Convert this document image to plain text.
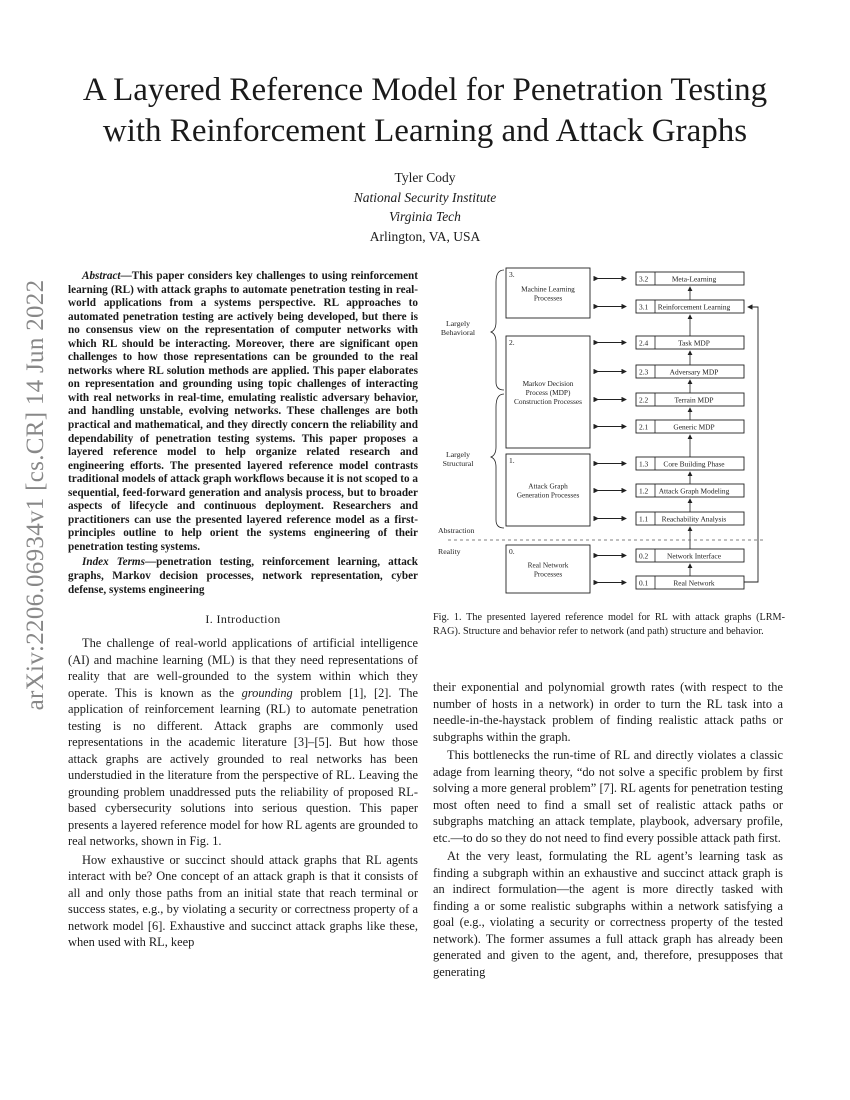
arXiv:2206.06934v1 [cs.CR] 14 Jun 2022
A Layered Reference Model for Penetration Testing
with Reinforcement Learning and Attack Graphs
Tyler Cody
National Security Institute
Virginia Tech
Arlington, VA, USA

Abstract—This paper considers key challenges to using reinforcement learning (RL) with attack graphs to automate penetration testing in real-world applications from a systems perspective. RL approaches to automated penetration testing are actively being developed, but there is no consensus view on the representation of computer networks with which RL should be interacting. Moreover, there are significant open challenges to how those representations can be grounded to the real networks where RL solution methods are applied. This paper elaborates on representation and grounding using topic challenges of interacting with real networks in real-time, emulating realistic adversary behavior, and handling unstable, evolving networks. These challenges are both practical and mathematical, and they directly concern the reliability and dependability of penetration testing systems. This paper proposes a layered reference model to help organize related research and engineering efforts. The presented layered reference model contrasts traditional models of attack graph workflows because it is not scoped to a sequential, feed-forward generation and analysis process, but to broader aspects of lifecycle and continuous deployment. Researchers and practitioners can use the presented layered reference model as a first-principles outline to help orient the systems engineering of their penetration testing systems.

Index Terms—penetration testing, reinforcement learning, attack graphs, Markov decision processes, network representation, cyber defense, systems engineering

I. Introduction

The challenge of real-world applications of artificial intelligence (AI) and machine learning (ML) is that they need representations of reality that are well-grounded to the system within which they operate. This is known as the grounding problem [1], [2]. The application of reinforcement learning (RL) to automate penetration testing is no different. Attack graphs are commonly used representations in the academic literature [3]–[5]. But how those attack graphs are actively grounded to real networks has been understudied in the literature from the perspective of RL. Leaving the grounding problem unaddressed puts the reliability of proposed RL-based cybersecurity solutions into serious question. This paper presents a layered reference model for how RL agents are grounded to real networks, shown in Fig. 1.

How exhaustive or succinct should attack graphs that RL agents interact with be? One concept of an attack graph is that it consists of all and only those paths from an initial state that reach terminal or success states, e.g., by violating a security or correctness property of a network model [6]. Exhaustive and succinct attack graphs like these, when used with RL, keep

3.
Machine Learning
Processes
2.
Markov Decision
Process (MDP)
Construction Processes
1.
Attack Graph
Generation Processes
0.
Real Network
Processes
3.2	Meta-Learning
3.1 Reinforcement Learning
2.4	Task MDP
2.3	Adversary MDP
2.2	Terrain MDP
2.1	Generic MDP
1.3 Core Building Phase
1.2 Attack Graph Modeling
1.1 Reachability Analysis
0.2	Network Interface
0.1	Real Network
Largely
Behavioral
Largely
Structural
Abstraction
Reality
Fig. 1. The presented layered reference model for RL with attack graphs (LRM-RAG). Structure and behavior refer to network (and path) structure and behavior.

their exponential and polynomial growth rates (with respect to the number of hosts in a network) in order to turn the RL task into a needle-in-the-haystack problem of finding realistic attack paths or subgraphs within the graph.

This bottlenecks the run-time of RL and directly violates a classic adage from learning theory, “do not solve a specific problem by first solving a more general problem” [7]. RL agents for penetration testing most often need to find a small set of realistic attack paths or subgraphs matching an attack template, playbook, adversary profile, etc.—to do so they do not need to find every possible attack path first.

At the very least, formulating the RL agent’s learning task as finding a subgraph within an exhaustive and succinct attack graph is an indirect formulation—the agent is more directly tasked with finding a or some realistic subgraphs within a network satisfying a goal (e.g., violating a security or correctness property of the tested network). The former assumes a full attack graph has already been generated and given to the agent, and, therefore, presupposes that generating
